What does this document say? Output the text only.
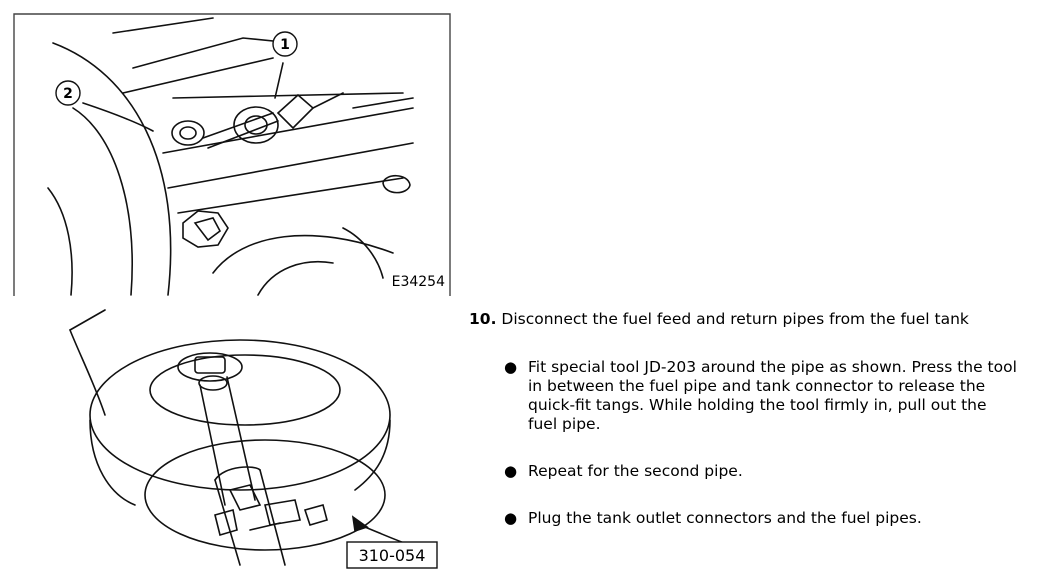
1
2
E34254
310-054
10. Disconnect the fuel feed and return pipes from the fuel tank
● Fit special tool JD-203 around the pipe as shown. Press the tool in between the fuel pipe and tank connector to release the quick-fit tangs. While holding the tool firmly in, pull out the fuel pipe.
● Repeat for the second pipe.
● Plug the tank outlet connectors and the fuel pipes.
